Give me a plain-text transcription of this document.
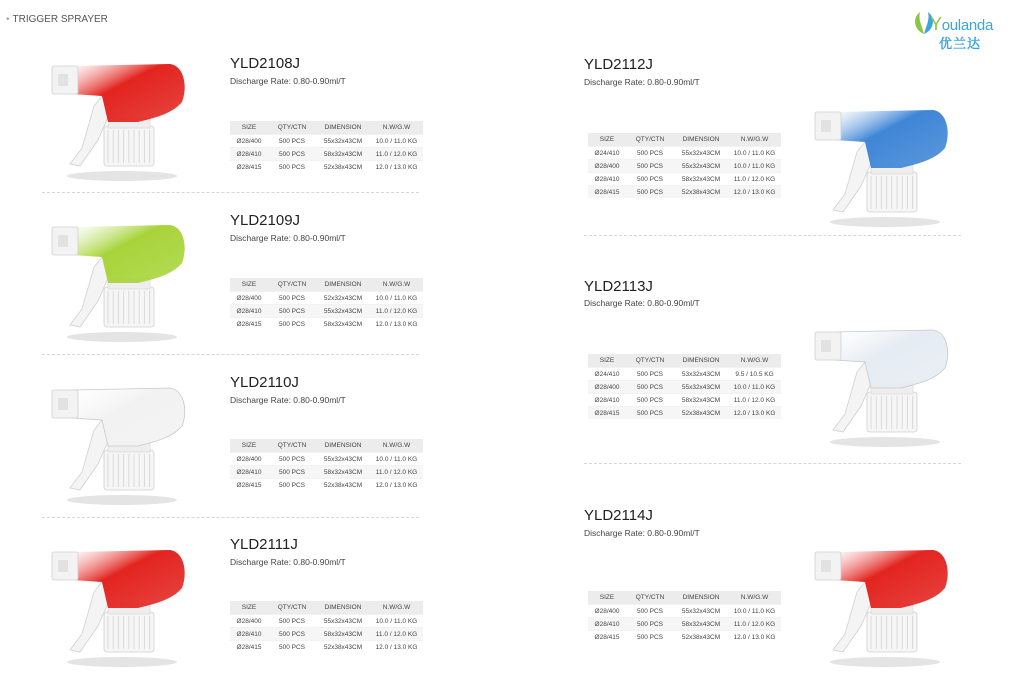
• TRIGGER SPRAYER	Youlanda
优兰达
YLD2108J
Discharge Rate: 0.80-0.90ml/T
SIZE	QTY/CTN	DIMENSION	N.W/G.W
Ø28/400	500 PCS	55x32x43CM	10.0 / 11.0 KG
Ø28/410	500 PCS	58x32x43CM	11.0 / 12.0 KG
Ø28/415	500 PCS	52x38x43CM	12.0 / 13.0 KG
YLD2109J
Discharge Rate: 0.80-0.90ml/T
SIZE	QTY/CTN	DIMENSION	N.W/G.W
Ø28/400	500 PCS	52x32x43CM	10.0 / 11.0 KG
Ø28/410	500 PCS	55x32x43CM	11.0 / 12.0 KG
Ø28/415	500 PCS	58x32x43CM	12.0 / 13.0 KG
YLD2110J
Discharge Rate: 0.80-0.90ml/T
SIZE	QTY/CTN	DIMENSION	N.W/G.W
Ø28/400	500 PCS	55x32x43CM	10.0 / 11.0 KG
Ø28/410	500 PCS	58x32x43CM	11.0 / 12.0 KG
Ø28/415	500 PCS	52x38x43CM	12.0 / 13.0 KG
YLD2111J
Discharge Rate: 0.80-0.90ml/T
SIZE	QTY/CTN	DIMENSION	N.W/G.W
Ø28/400	500 PCS	55x32x43CM	10.0 / 11.0 KG
Ø28/410	500 PCS	58x32x43CM	11.0 / 12.0 KG
Ø28/415	500 PCS	52x38x43CM	12.0 / 13.0 KG
YLD2112J
Discharge Rate: 0.80-0.90ml/T
SIZE	QTY/CTN	DIMENSION	N.W/G.W
Ø24/410	500 PCS	55x32x43CM	10.0 / 11.0 KG
Ø28/400	500 PCS	55x32x43CM	10.0 / 11.0 KG
Ø28/410	500 PCS	58x32x43CM	11.0 / 12.0 KG
Ø28/415	500 PCS	52x38x43CM	12.0 / 13.0 KG
YLD2113J
Discharge Rate: 0.80-0.90ml/T
SIZE	QTY/CTN	DIMENSION	N.W/G.W
Ø24/410	500 PCS	53x32x43CM	9.5 / 10.5 KG
Ø28/400	500 PCS	55x32x43CM	10.0 / 11.0 KG
Ø28/410	500 PCS	58x32x43CM	11.0 / 12.0 KG
Ø28/415	500 PCS	52x38x43CM	12.0 / 13.0 KG
YLD2114J
Discharge Rate: 0.80-0.90ml/T
SIZE	QTY/CTN	DIMENSION	N.W/G.W
Ø28/400	500 PCS	55x32x43CM	10.0 / 11.0 KG
Ø28/410	500 PCS	58x32x43CM	11.0 / 12.0 KG
Ø28/415	500 PCS	52x38x43CM	12.0 / 13.0 KG
